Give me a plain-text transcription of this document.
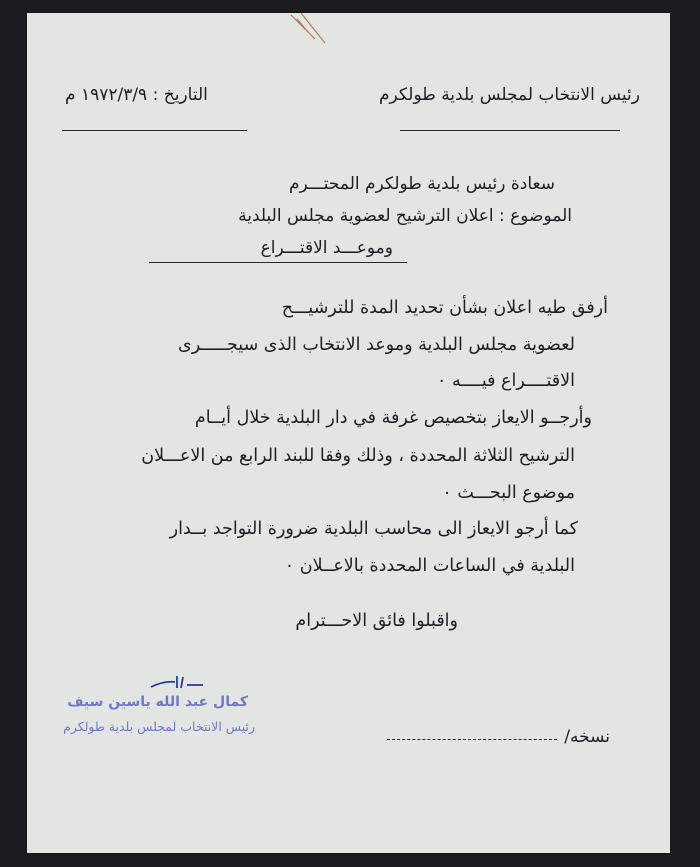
رئيس الانتخاب لمجلس بلدية طولكرم
التاريخ : ١٩٧٢/٣/٩ م
سعادة رئيس بلدية طولكرم المحتـــرم
الموضوع : اعلان الترشيح لعضوية مجلس البلدية
وموعـــد الاقتـــراع
أرفق طيه اعلان بشأن تحديد المدة للترشيـــح
لعضوية مجلس البلدية وموعد الانتخاب الذى سيجـــــرى
الاقتــــراع فيــــه ٠
وأرجــو الايعاز بتخصيص غرفة في دار البلدية خلال أيــام
الترشيح الثلاثة المحددة ، وذلك وفقا للبند الرابع من الاعـــلان
موضوع البحـــث ٠
كما أرجو الايعاز الى محاسب البلدية ضرورة التواجد بــدار
البلدية في الساعات المحددة بالاعــلان ٠
واقبلوا فائق الاحـــترام
كمال عبد الله ياسين سيف
رئيس الانتخاب لمجلس بلدية طولكرم
نسخه/
